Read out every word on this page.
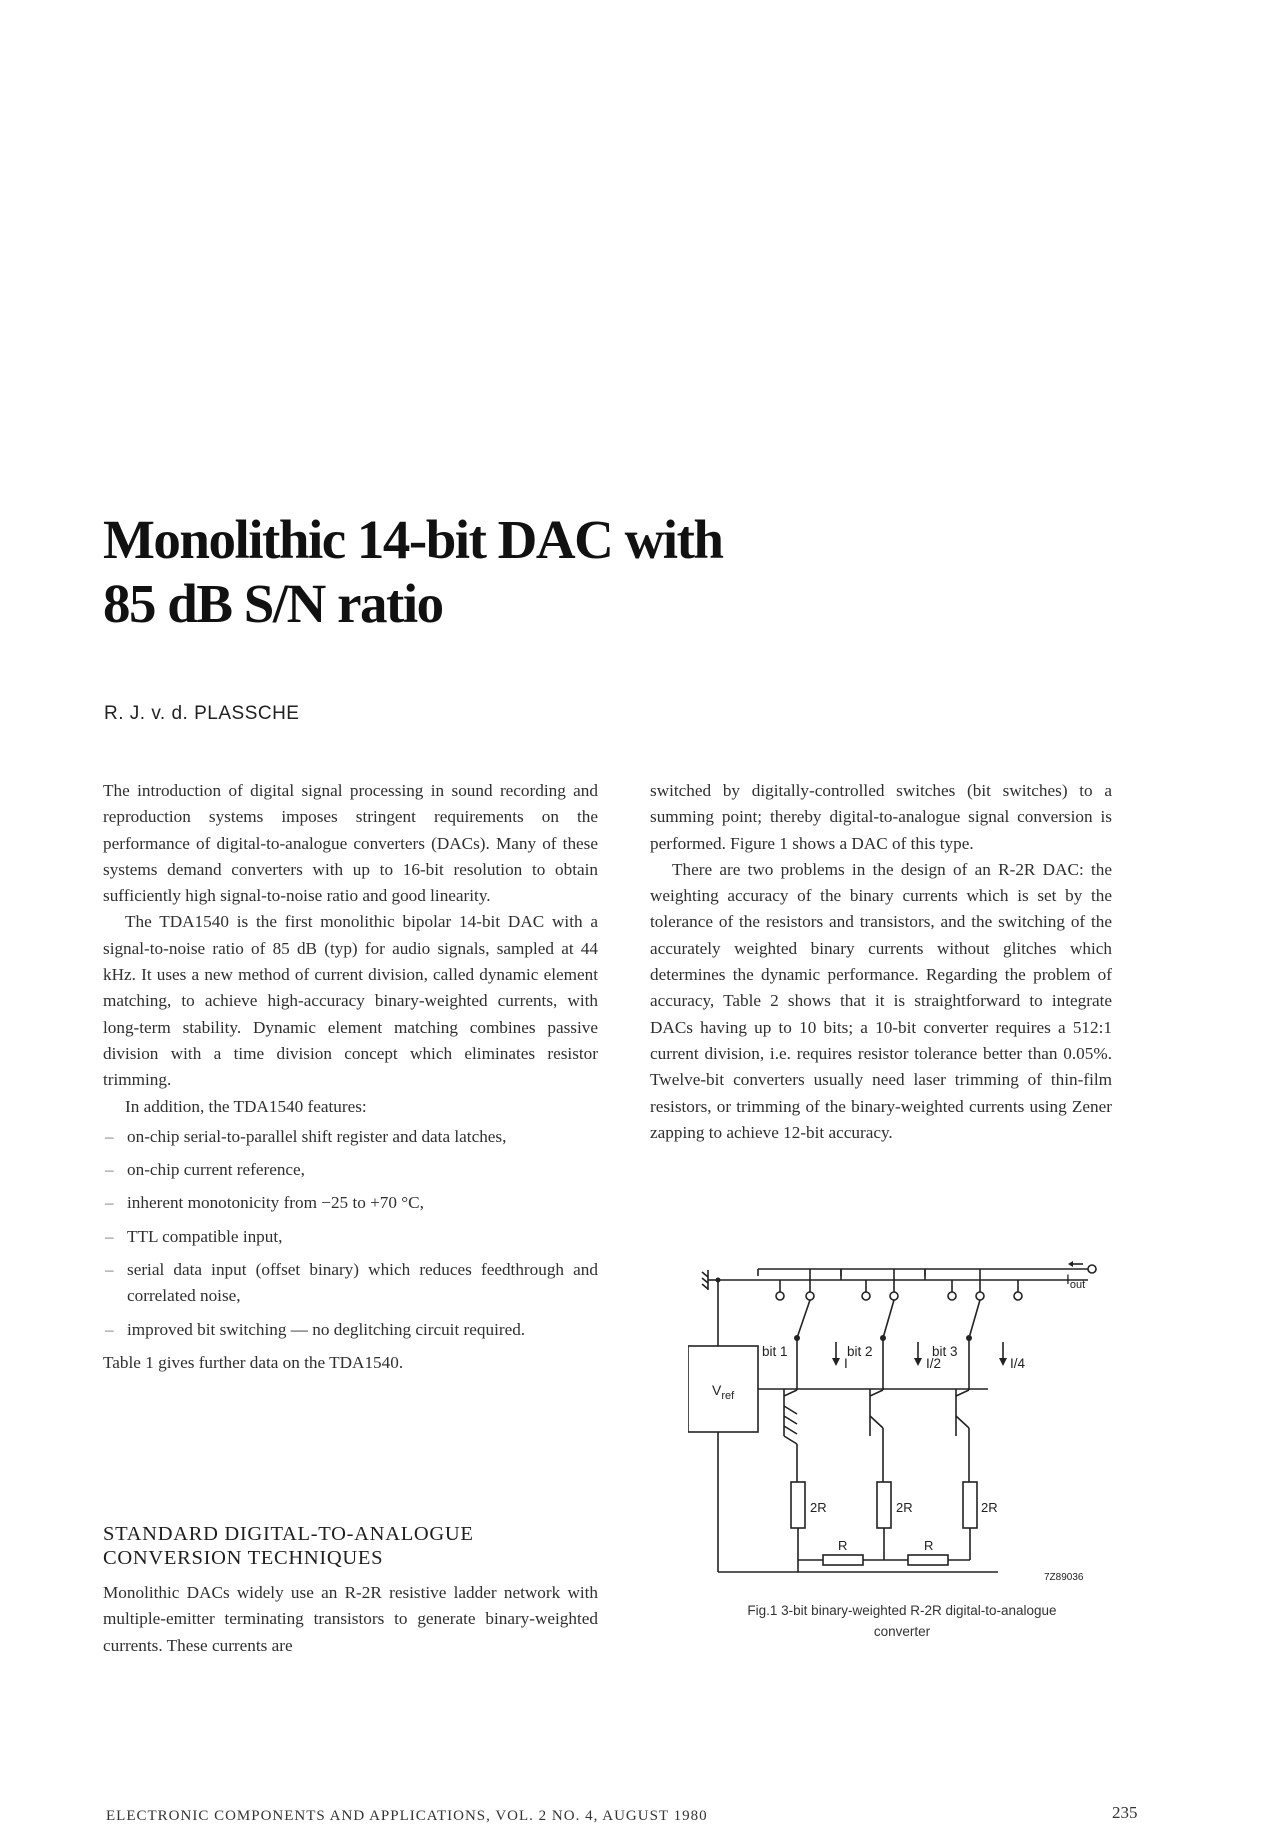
Monolithic 14-bit DAC with
85 dB S/N ratio
R. J. v. d. PLASSCHE

The introduction of digital signal processing in sound recording and reproduction systems imposes stringent requirements on the performance of digital-to-analogue converters (DACs). Many of these systems demand converters with up to 16-bit resolution to obtain sufficiently high signal-to-noise ratio and good linearity.

The TDA1540 is the first monolithic bipolar 14-bit DAC with a signal-to-noise ratio of 85 dB (typ) for audio signals, sampled at 44 kHz. It uses a new method of current division, called dynamic element matching, to achieve high-accuracy binary-weighted currents, with long-term stability. Dynamic element matching combines passive division with a time division concept which eliminates resistor trimming.

In addition, the TDA1540 features:

– on-chip serial-to-parallel shift register and data latches,
– on-chip current reference,
– inherent monotonicity from −25 to +70 °C,
– TTL compatible input,
– serial data input (offset binary) which reduces feedthrough and correlated noise,
– improved bit switching — no deglitching circuit required.

Table 1 gives further data on the TDA1540.

STANDARD DIGITAL-TO-ANALOGUE
CONVERSION TECHNIQUES

Monolithic DACs widely use an R-2R resistive ladder network with multiple-emitter terminating transistors to generate binary-weighted currents. These currents are

switched by digitally-controlled switches (bit switches) to a summing point; thereby digital-to-analogue signal conversion is performed. Figure 1 shows a DAC of this type.

There are two problems in the design of an R-2R DAC: the weighting accuracy of the binary currents which is set by the tolerance of the resistors and transistors, and the switching of the accurately weighted binary currents without glitches which determines the dynamic performance. Regarding the problem of accuracy, Table 2 shows that it is straightforward to integrate DACs having up to 10 bits; a 10-bit converter requires a 512:1 current division, i.e. requires resistor tolerance better than 0.05%. Twelve-bit converters usually need laser trimming of thin-film resistors, or trimming of the binary-weighted currents using Zener zapping to achieve 12-bit accuracy.

bit 1	bit 2	bit 3
I	I/2	I/4
$I_{out}$
$V_{ref}$
2R	2R	2R
R	R
7Z89036
Fig.1 3-bit binary-weighted R-2R digital-to-analogue
converter
ELECTRONIC COMPONENTS AND APPLICATIONS, VOL. 2 NO. 4, AUGUST 1980	235
